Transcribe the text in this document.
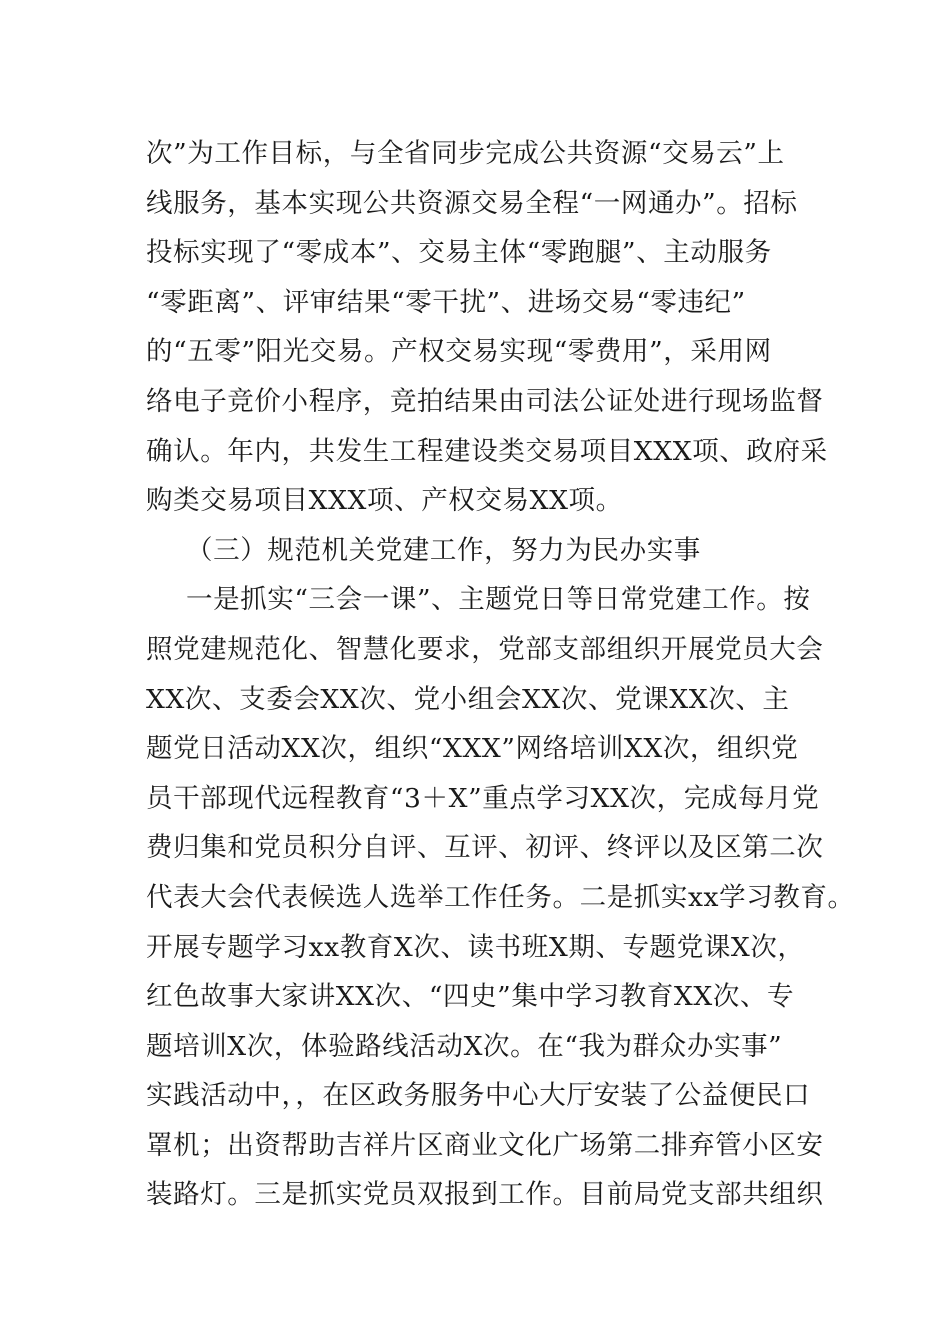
次”为工作目标，与全省同步完成公共资源“交易云”上
线服务，基本实现公共资源交易全程“一网通办”。招标
投标实现了“零成本”、交易主体“零跑腿”、主动服务
“零距离”、评审结果“零干扰”、进场交易“零违纪”
的“五零”阳光交易。产权交易实现“零费用”，采用网
络电子竞价小程序，竞拍结果由司法公证处进行现场监督
确认。年内，共发生工程建设类交易项目XXX项、政府采
购类交易项目XXX项、产权交易XX项。
（三）规范机关党建工作，努力为民办实事
一是抓实“三会一课”、主题党日等日常党建工作。按
照党建规范化、智慧化要求，党部支部组织开展党员大会
XX次、支委会XX次、党小组会XX次、党课XX次、主
题党日活动XX次，组织“XXX”网络培训XX次，组织党
员干部现代远程教育“3＋X”重点学习XX次，完成每月党
费归集和党员积分自评、互评、初评、终评以及区第二次
代表大会代表候选人选举工作任务。二是抓实xx学习教育。
开展专题学习xx教育X次、读书班X期、专题党课X次，
红色故事大家讲XX次、“四史”集中学习教育XX次、专
题培训X次，体验路线活动X次。在“我为群众办实事”
实践活动中，，在区政务服务中心大厅安装了公益便民口
罩机；出资帮助吉祥片区商业文化广场第二排弃管小区安
装路灯。三是抓实党员双报到工作。目前局党支部共组织
